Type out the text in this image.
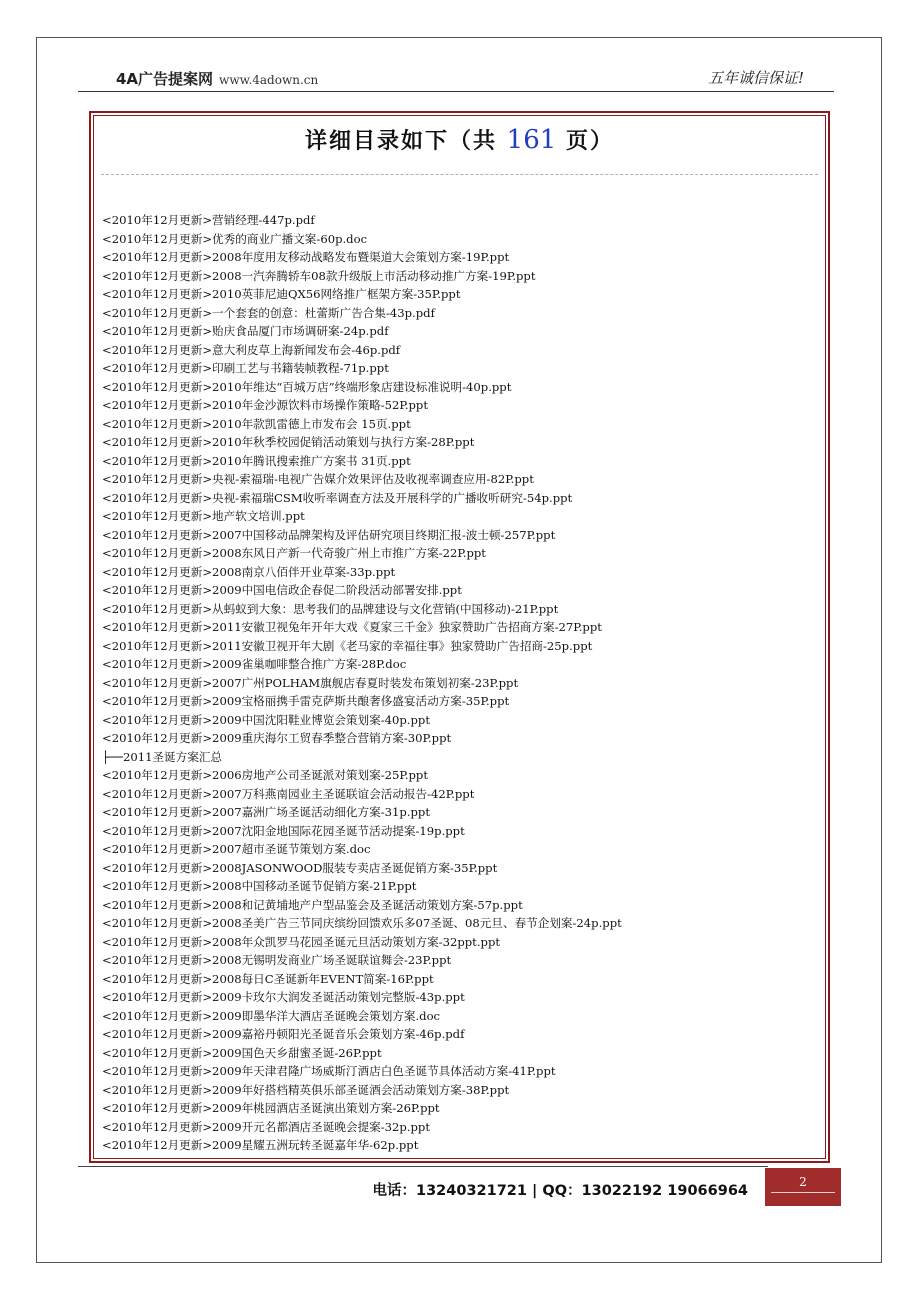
4A广告提案网 www.4adown.cn	五年诚信保证!
详细目录如下（共 161 页）
<2010年12月更新>营销经理-447p.pdf
<2010年12月更新>优秀的商业广播文案-60p.doc
<2010年12月更新>2008年度用友移动战略发布暨渠道大会策划方案-19P.ppt
<2010年12月更新>2008一汽奔腾轿车08款升级版上市活动移动推广方案-19P.ppt
<2010年12月更新>2010英菲尼迪QX56网络推广框架方案-35P.ppt
<2010年12月更新>一个套套的创意：杜蕾斯广告合集-43p.pdf
<2010年12月更新>贻庆食品厦门市场调研案-24p.pdf
<2010年12月更新>意大利皮草上海新闻发布会-46p.pdf
<2010年12月更新>印刷工艺与书籍装帧教程-71p.ppt
<2010年12月更新>2010年维达“百城万店”终端形象店建设标准说明-40p.ppt
<2010年12月更新>2010年金沙源饮料市场操作策略-52P.ppt
<2010年12月更新>2010年款凯雷德上市发布会 15页.ppt
<2010年12月更新>2010年秋季校园促销活动策划与执行方案-28P.ppt
<2010年12月更新>2010年腾讯搜索推广方案书 31页.ppt
<2010年12月更新>央视-索福瑞-电视广告媒介效果评估及收视率调查应用-82P.ppt
<2010年12月更新>央视-索福瑞CSM收听率调查方法及开展科学的广播收听研究-54p.ppt
<2010年12月更新>地产软文培训.ppt
<2010年12月更新>2007中国移动品牌架构及评估研究项目终期汇报-波士顿-257P.ppt
<2010年12月更新>2008东风日产新一代奇骏广州上市推广方案-22P.ppt
<2010年12月更新>2008南京八佰伴开业草案-33p.ppt
<2010年12月更新>2009中国电信政企春促二阶段活动部署安排.ppt
<2010年12月更新>从蚂蚁到大象：思考我们的品牌建设与文化营销(中国移动)-21P.ppt
<2010年12月更新>2011安徽卫视兔年开年大戏《夏家三千金》独家赞助广告招商方案-27P.ppt
<2010年12月更新>2011安徽卫视开年大剧《老马家的幸福往事》独家赞助广告招商-25p.ppt
<2010年12月更新>2009雀巢咖啡整合推广方案-28P.doc
<2010年12月更新>2007广州POLHAM旗舰店春夏时装发布策划初案-23P.ppt
<2010年12月更新>2009宝格丽携手雷克萨斯共酿奢侈盛宴活动方案-35P.ppt
<2010年12月更新>2009中国沈阳鞋业博览会策划案-40p.ppt
<2010年12月更新>2009重庆海尔工贸春季整合营销方案-30P.ppt
├──2011圣诞方案汇总
<2010年12月更新>2006房地产公司圣诞派对策划案-25P.ppt
<2010年12月更新>2007万科燕南园业主圣诞联谊会活动报告-42P.ppt
<2010年12月更新>2007嘉洲广场圣诞活动细化方案-31p.ppt
<2010年12月更新>2007沈阳金地国际花园圣诞节活动提案-19p.ppt
<2010年12月更新>2007超市圣诞节策划方案.doc
<2010年12月更新>2008JASONWOOD服装专卖店圣诞促销方案-35P.ppt
<2010年12月更新>2008中国移动圣诞节促销方案-21P.ppt
<2010年12月更新>2008和记黄埔地产户型品鉴会及圣诞活动策划方案-57p.ppt
<2010年12月更新>2008圣美广告三节同庆缤纷回馈欢乐多07圣诞、08元旦、春节企划案-24p.ppt
<2010年12月更新>2008年众凯罗马花园圣诞元旦活动策划方案-32ppt.ppt
<2010年12月更新>2008无锡明发商业广场圣诞联谊舞会-23P.ppt
<2010年12月更新>2008每日C圣诞新年EVENT简案-16P.ppt
<2010年12月更新>2009卡玫尔大润发圣诞活动策划完整版-43p.ppt
<2010年12月更新>2009即墨华洋大酒店圣诞晚会策划方案.doc
<2010年12月更新>2009嘉裕丹顿阳光圣诞音乐会策划方案-46p.pdf
<2010年12月更新>2009国色天乡甜蜜圣诞-26P.ppt
<2010年12月更新>2009年天津君隆广场威斯汀酒店白色圣诞节具体活动方案-41P.ppt
<2010年12月更新>2009年好搭档精英俱乐部圣诞酒会活动策划方案-38P.ppt
<2010年12月更新>2009年桃园酒店圣诞演出策划方案-26P.ppt
<2010年12月更新>2009开元名都酒店圣诞晚会提案-32p.ppt
<2010年12月更新>2009星耀五洲玩转圣诞嘉年华-62p.ppt
电话：13240321721 | QQ：13022192 19066964
2
